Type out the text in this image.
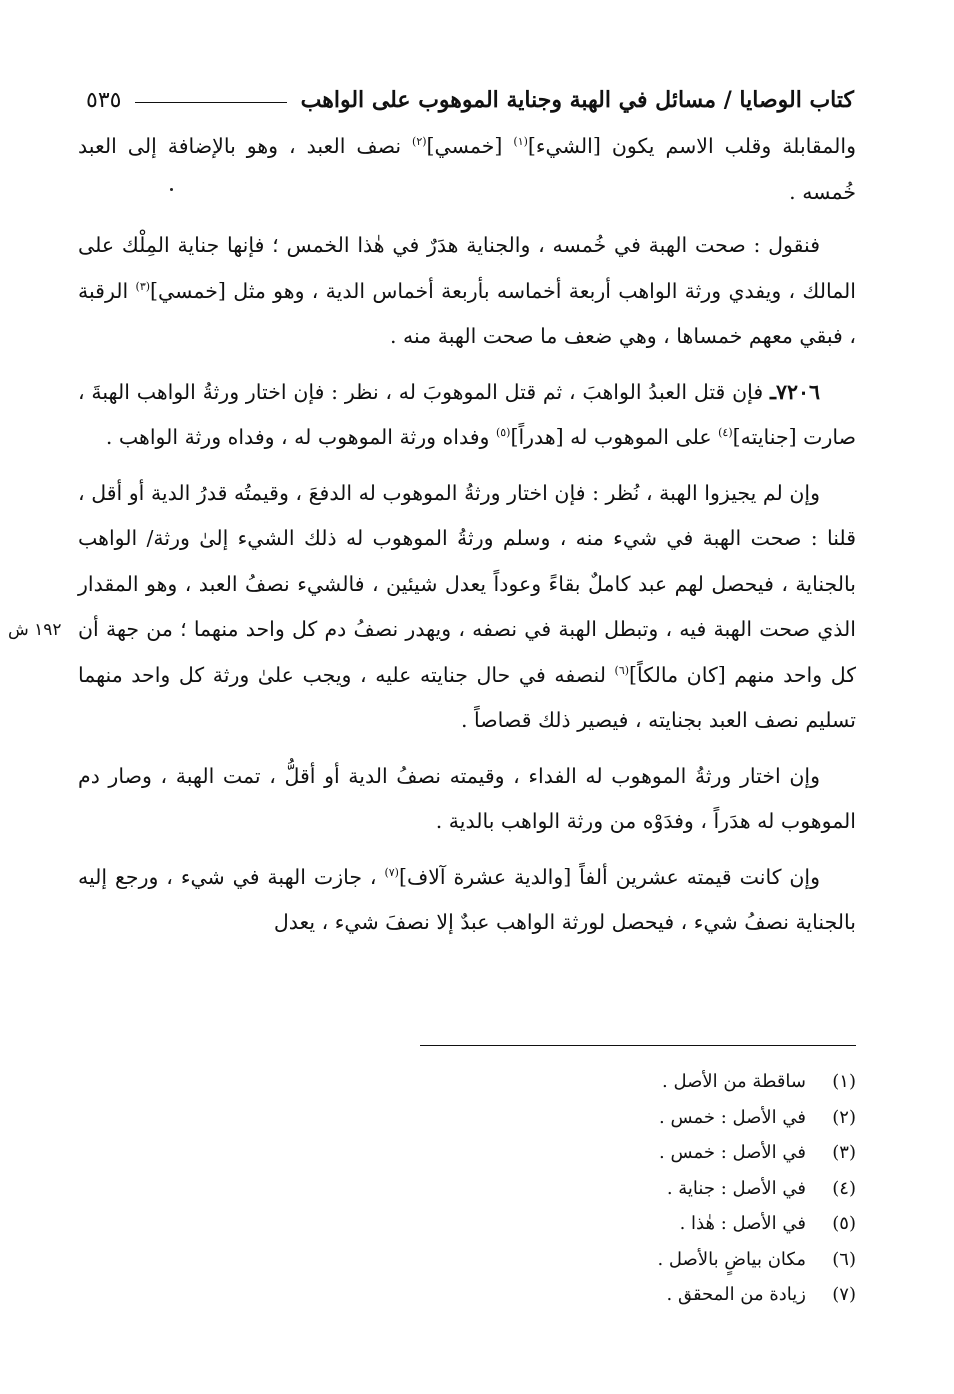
كتاب الوصايا / مسائل في الهبة وجناية الموهوب على الواهب
٥٣٥

والمقابلة وقلب الاسم يكون [الشيء]$^{(١)}$ [خمسي]$^{(٢)}$ نصف العبد ، وهو بالإضافة إلى العبد خُمسه .

فنقول : صحت الهبة في خُمسه ، والجناية هدَرٌ في هٰذا الخمس ؛ فإنها جناية المِلْك على المالك ، ويفدي ورثة الواهب أربعة أخماسه بأربعة أخماس الدية ، وهو مثل [خمسي]$^{(٣)}$ الرقبة ، فبقي معهم خمساها ، وهي ضعف ما صحت الهبة منه .

٧٢٠٦ـ فإن قتل العبدُ الواهبَ ، ثم قتل الموهوبَ له ، نظر : فإن اختار ورثةُ الواهب الهبةَ ، صارت [جنايته]$^{(٤)}$ على الموهوب له [هدراً]$^{(٥)}$ وفداه ورثة الموهوب له ، وفداه ورثة الواهب .

وإن لم يجيزوا الهبة ، نُظر : فإن اختار ورثةُ الموهوب له الدفعَ ، وقيمتُه قدرُ الدية أو أقل ، قلنا : صحت الهبة في شيء منه ، وسلم ورثةُ الموهوب له ذلك الشيء إلىٰ ورثة/ الواهب بالجناية ، فيحصل لهم عبد كاملٌ بقاءً وعوداً يعدل شيئين ، فالشيء نصفُ العبد ، وهو المقدار الذي صحت الهبة فيه ، وتبطل الهبة في نصفه ، ويهدر نصفُ دم كل واحد منهما ؛ من جهة أن كل واحد منهم [كان مالكاً]$^{(٦)}$ لنصفه في حال جنايته عليه ، ويجب علىٰ ورثة كل واحد منهما تسليم نصف العبد بجنايته ، فيصير ذلك قصاصاً .

وإن اختار ورثةُ الموهوب له الفداء ، وقيمته نصفُ الدية أو أقلُّ ، تمت الهبة ، وصار دم الموهوب له هدَراً ، وفدَوْه من ورثة الواهب بالدية .

وإن كانت قيمته عشرين ألفاً [والدية عشرة آلاف]$^{(٧)}$ ، جازت الهبة في شيء ، ورجع إليه بالجناية نصفُ شيء ، فيحصل لورثة الواهب عبدٌ إلا نصفَ شيء ، يعدل

١٩٢ ش
(١)ساقطة من الأصل .
(٢)في الأصل : خمس .
(٣)في الأصل : خمس .
(٤)في الأصل : جناية .
(٥)في الأصل : هٰذا .
(٦)مكان بياضٍ بالأصل .
(٧)زيادة من المحقق .
